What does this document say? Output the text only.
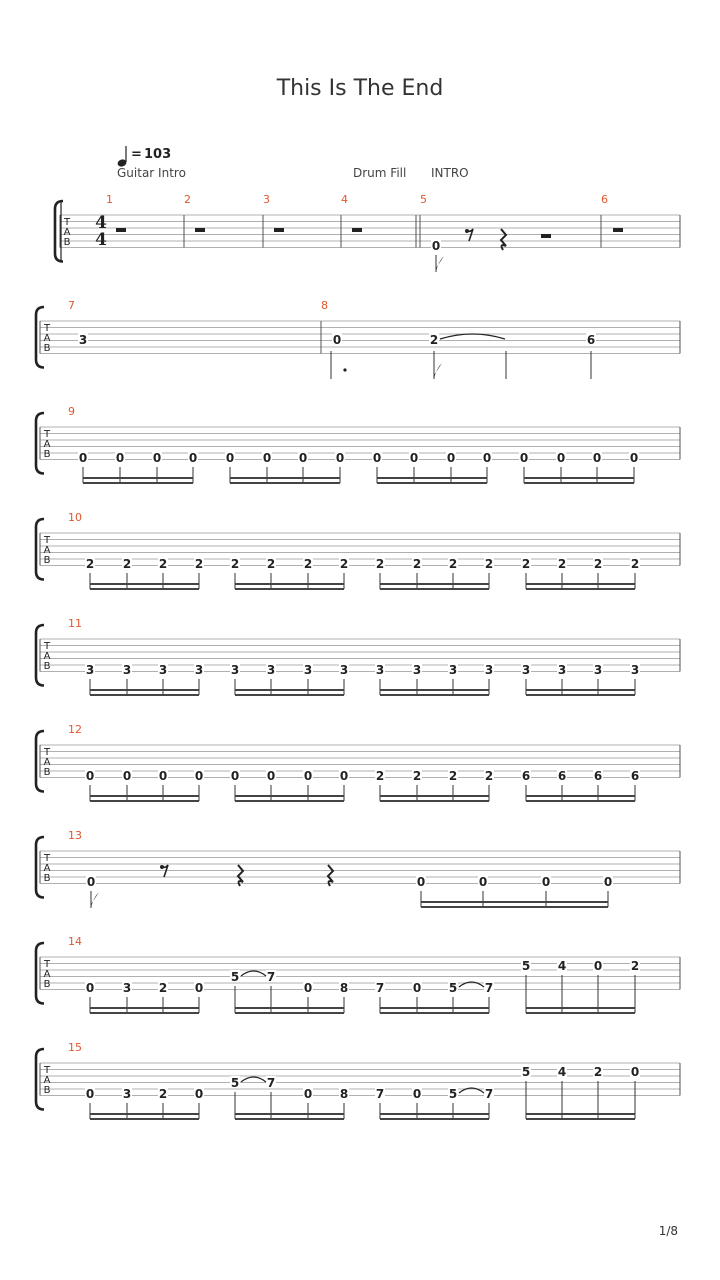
This Is The End
= 103
Guitar Intro	Drum Fill INTRO
T
A
B
4
4
1	2	3	4	5	6
0
T
A
B
7	8
3	0	2	6
T
A
B
9
0 0 0 0 0 0 0 0 0 0 0 0 0 0 0 0
T
A
B
10
2 2 2 2 2 2 2 2 2 2 2 2 2 2 2 2
T
A
B
11
3 3 3 3 3 3 3 3 3 3 3 3 3 3 3 3
T
A
B
12
0 0 0 0 0 0 0 0 2 2 2 2 6 6 6 6
T
A
B
13
0	0	0	0	0
T
A
B
14
0 3 2 0
5 7
0 8 7 0 5 7
5 4 0 2
T
A
B
15
0 3 2 0
5 7
0 8 7 0 5 7
5 4 2 0
1/8
